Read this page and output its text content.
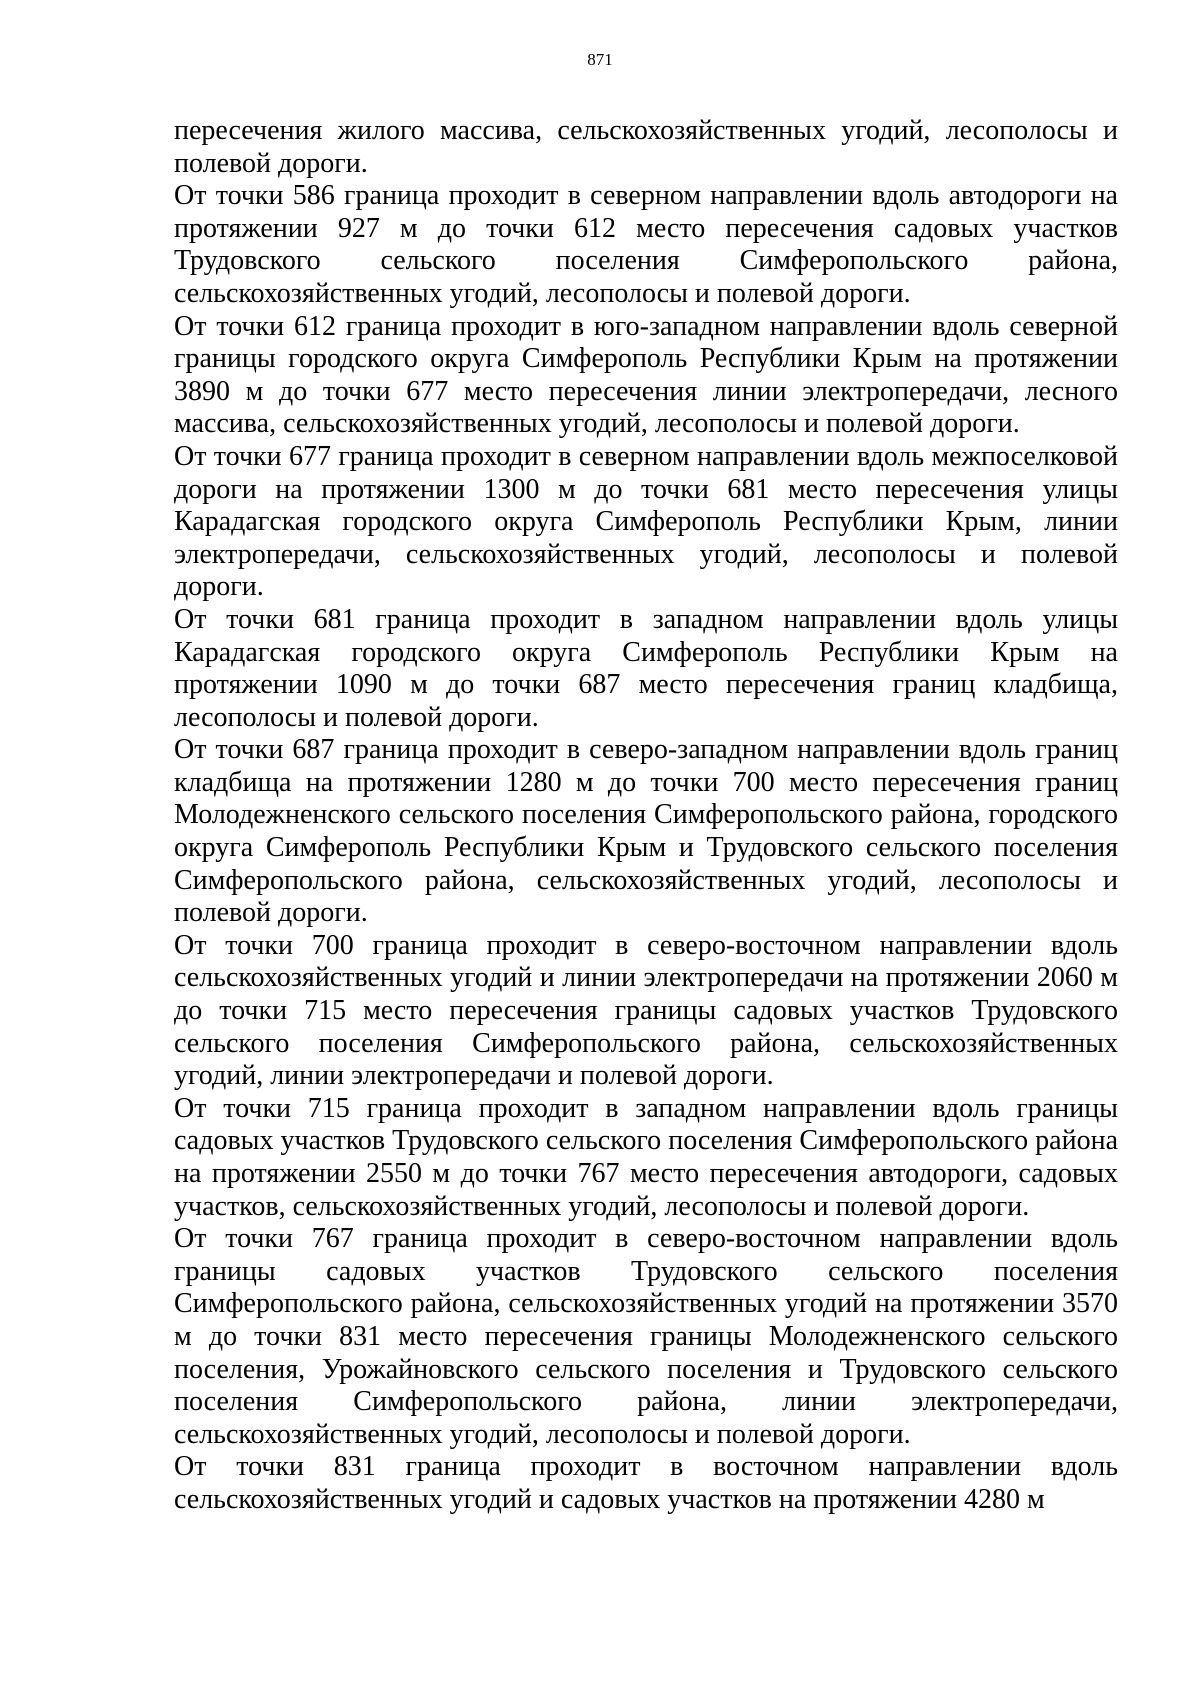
871

пересечения жилого массива, сельскохозяйственных угодий, лесополосы и полевой дороги.

От точки 586 граница проходит в северном направлении вдоль автодороги на протяжении 927 м до точки 612 место пересечения садовых участков Трудовского сельского поселения Симферопольского района, сельскохозяйственных угодий, лесополосы и полевой дороги.

От точки 612 граница проходит в юго-западном направлении вдоль северной границы городского округа Симферополь Республики Крым на протяжении 3890 м до точки 677 место пересечения линии электропередачи, лесного массива, сельскохозяйственных угодий, лесополосы и полевой дороги.

От точки 677 граница проходит в северном направлении вдоль межпоселковой дороги на протяжении 1300 м до точки 681 место пересечения улицы Карадагская городского округа Симферополь Республики Крым, линии электропередачи, сельскохозяйственных угодий, лесополосы и полевой дороги.

От точки 681 граница проходит в западном направлении вдоль улицы Карадагская городского округа Симферополь Республики Крым на протяжении 1090 м до точки 687 место пересечения границ кладбища, лесополосы и полевой дороги.

От точки 687 граница проходит в северо-западном направлении вдоль границ кладбища на протяжении 1280 м до точки 700 место пересечения границ Молодежненского сельского поселения Симферопольского района, городского округа Симферополь Республики Крым и Трудовского сельского поселения Симферопольского района, сельскохозяйственных угодий, лесополосы и полевой дороги.

От точки 700 граница проходит в северо-восточном направлении вдоль сельскохозяйственных угодий и линии электропередачи на протяжении 2060 м до точки 715 место пересечения границы садовых участков Трудовского сельского поселения Симферопольского района, сельскохозяйственных угодий, линии электропередачи и полевой дороги.

От точки 715 граница проходит в западном направлении вдоль границы садовых участков Трудовского сельского поселения Симферопольского района на протяжении 2550 м до точки 767 место пересечения автодороги, садовых участков, сельскохозяйственных угодий, лесополосы и полевой дороги.

От точки 767 граница проходит в северо-восточном направлении вдоль границы садовых участков Трудовского сельского поселения Симферопольского района, сельскохозяйственных угодий на протяжении 3570 м до точки 831 место пересечения границы Молодежненского сельского поселения, Урожайновского сельского поселения и Трудовского сельского поселения Симферопольского района, линии электропередачи, сельскохозяйственных угодий, лесополосы и полевой дороги.

От точки 831 граница проходит в восточном направлении вдоль сельскохозяйственных угодий и садовых участков на протяжении 4280 м
